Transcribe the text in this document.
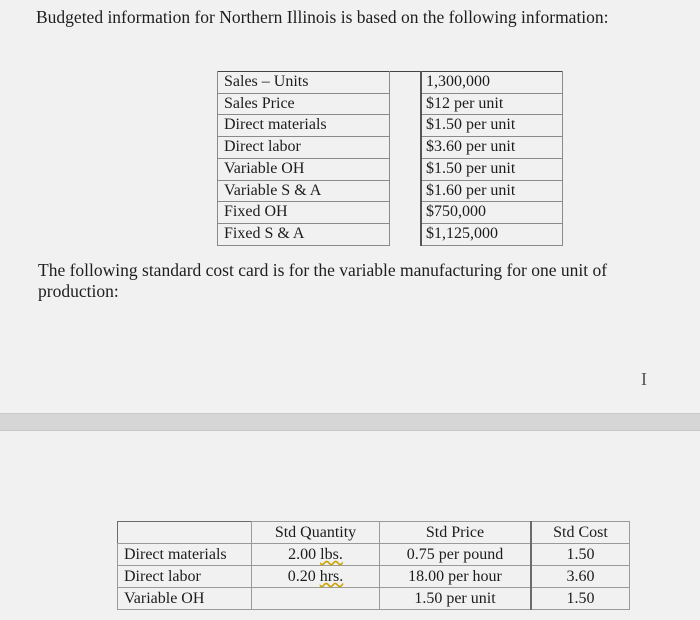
Budgeted information for Northern Illinois is based on the following information:
Sales – Units		1,300,000
Sales Price		$12 per unit
Direct materials		$1.50 per unit
Direct labor		$3.60 per unit
Variable OH		$1.50 per unit
Variable S & A		$1.60 per unit
Fixed OH		$750,000
Fixed S & A		$1,125,000
The following standard cost card is for the variable manufacturing for one unit of production:
I
	Std Quantity	Std Price	Std Cost
Direct materials	2.00 lbs.	0.75 per pound	1.50
Direct labor	0.20 hrs.	18.00 per hour	3.60
Variable OH		1.50 per unit	1.50
